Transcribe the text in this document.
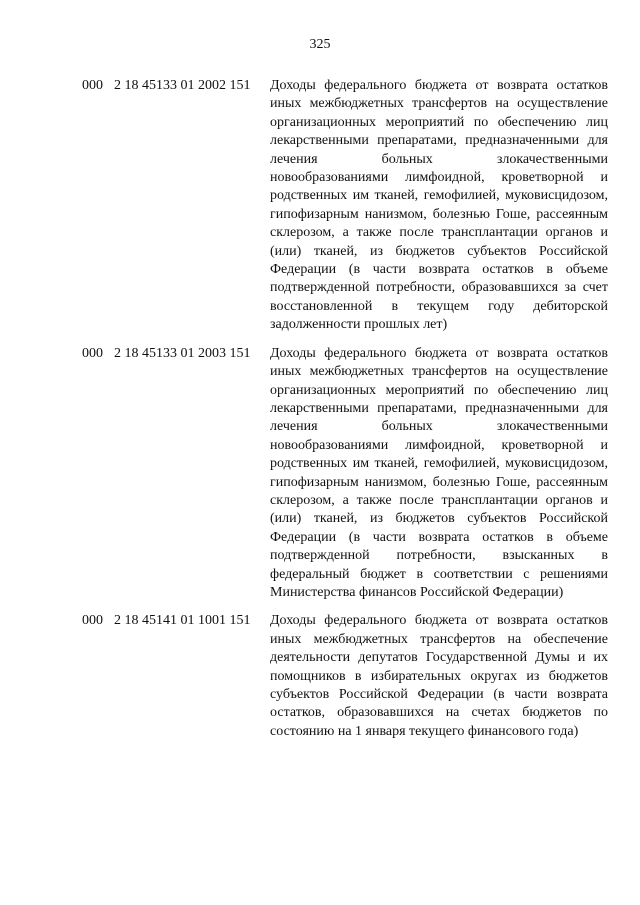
325
000 2 18 45133 01 2002 151	Доходы федерального бюджета от возврата остатков иных межбюджетных трансфертов на осуществление организационных мероприятий по обеспечению лиц лекарственными препаратами, предназначенными для лечения больных злокачественными новообразованиями лимфоидной, кроветворной и родственных им тканей, гемофилией, муковисцидозом, гипофизарным нанизмом, болезнью Гоше, рассеянным склерозом, а также после трансплантации органов и (или) тканей, из бюджетов субъектов Российской Федерации (в части возврата остатков в объеме подтвержденной потребности, образовавшихся за счет восстановленной в текущем году дебиторской задолженности прошлых лет)
000 2 18 45133 01 2003 151	Доходы федерального бюджета от возврата остатков иных межбюджетных трансфертов на осуществление организационных мероприятий по обеспечению лиц лекарственными препаратами, предназначенными для лечения больных злокачественными новообразованиями лимфоидной, кроветворной и родственных им тканей, гемофилией, муковисцидозом, гипофизарным нанизмом, болезнью Гоше, рассеянным склерозом, а также после трансплантации органов и (или) тканей, из бюджетов субъектов Российской Федерации (в части возврата остатков в объеме подтвержденной потребности, взысканных в федеральный бюджет в соответствии с решениями Министерства финансов Российской Федерации)
000 2 18 45141 01 1001 151	Доходы федерального бюджета от возврата остатков иных межбюджетных трансфертов на обеспечение деятельности депутатов Государственной Думы и их помощников в избирательных округах из бюджетов субъектов Российской Федерации (в части возврата остатков, образовавшихся на счетах бюджетов по состоянию на 1 января текущего финансового года)
